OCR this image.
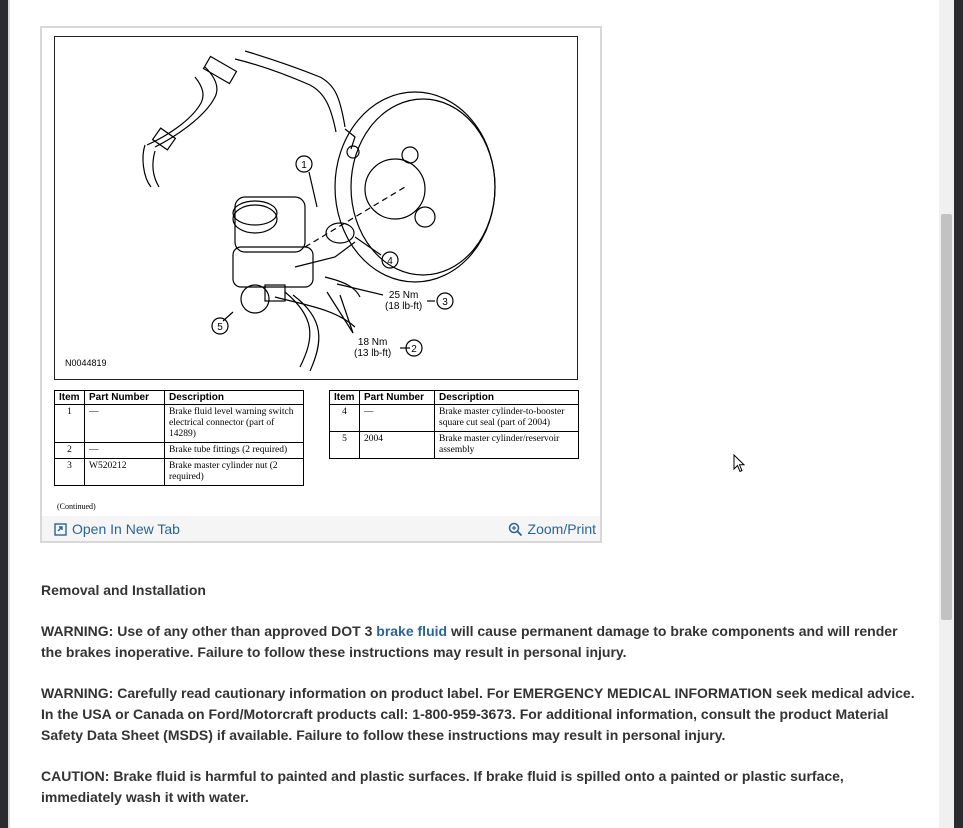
1
4
3
2
5
25 Nm
(18 lb-ft)
18 Nm
(13 lb-ft)
N0044819
Item	Part Number	Description
1	—	Brake fluid level warning switch electrical connector (part of 14289)
2	—	Brake tube fittings (2 required)
3	W520212	Brake master cylinder nut (2 required)
Item	Part Number	Description
4	—	Brake master cylinder-to-booster square cut seal (part of 2004)
5	2004	Brake master cylinder/reservoir assembly
(Continued)
Open In New Tab	Zoom/Print

Removal and Installation

WARNING: Use of any other than approved DOT 3 brake fluid will cause permanent damage to brake components and will render the brakes inoperative. Failure to follow these instructions may result in personal injury.

WARNING: Carefully read cautionary information on product label. For EMERGENCY MEDICAL INFORMATION seek medical advice. In the USA or Canada on Ford/Motorcraft products call: 1-800-959-3673. For additional information, consult the product Material Safety Data Sheet (MSDS) if available. Failure to follow these instructions may result in personal injury.

CAUTION: Brake fluid is harmful to painted and plastic surfaces. If brake fluid is spilled onto a painted or plastic surface, immediately wash it with water.
